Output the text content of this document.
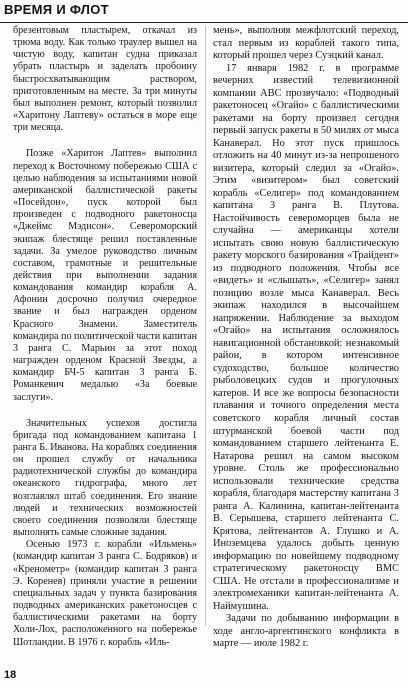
ВРЕМЯ И ФЛОТ

брезентовым пластырем, откачал из трюма воду. Как только траулер вышел на чистую воду, капитан судна приказал убрать пластырь и заделать пробоину быстросхватывающим раствором, приготовленным на месте. За три минуты был выполнен ремонт, который позволил «Харитону Лаптеву» остаться в море еще три месяца.

Позже «Харитон Лаптев» выполнил переход к Восточному побережью США с целью наблюдения за испытаниями новой американской баллистической ракеты «Посейдон», пуск которой был произведен с подводного ракетоносца «Джеймс Мэдисон». Североморский экипаж блестяще решил поставленные задачи. За умелое руководство личным составом, грамотные и решительные действия при выполнении задания командования командир корабля А. Афонин досрочно получил очередное звание и был награжден орденом Красного Знамени. Заместитель командира по политической части капитан 3 ранга С. Марьин за этот поход награжден орденом Красной Звезды, а командир БЧ-5 капитан 3 ранга Б. Романкевич медалью «За боевые заслуги».

Значительных успехов достигла бригада под командованием капитана 1 ранга Б. Иванова. На кораблях соединения он прошел службу от начальника радиотехнической службы до командира океанского гидрографа, много лет возглавлял штаб соединения. Его знание людей и технических возможностей своего соединения позволяли блестяще выполнять самые сложные задания.

Осенью 1973 г. корабли «Ильмень» (командир капитан 3 ранга С. Бодряков) и «Кренометр» (командир капитан 3 ранга Э. Коренев) приняли участие в решении специальных задач у пункта базирования подводных американских ракетоносцев с баллистическими ракетами на борту Холи-Лох, расположенного на побережье Шотландии. В 1976 г. корабль «Иль-

мень», выполняя межфлотский переход, стал первым из кораблей такого типа, который прошел через Суэцкий канал.

17 января 1982 г. в программе вечерних известий телевизионной компании ABC прозвучало: «Подводный ракетоносец «Огайо» с баллистическими ракетами на борту произвел сегодня первый запуск ракеты в 50 милях от мыса Канаверал. Но этот пуск пришлось отложить на 40 минут из-за непрошеного визитера, который следил за «Огайо». Этим «визитером» был советский корабль «Селигер» под командованием капитана 3 ранга В. Плутова. Настойчивость североморцев была не случайна — американцы хотели испытать свою новую баллистическую ракету морского базирования «Трайдент» из подводного положения. Чтобы все «видеть» и «слышать», «Селигер» занял позицию возле мыса Канаверал. Весь экипаж находился в высочайшем напряжении. Наблюдение за выходом «Огайо» на испытания осложнялось навигационной обстановкой: незнакомый район, в котором интенсивное судоходство, большое количество рыболовецких судов и прогулочных катеров. И все же вопросы безопасности плавания и точного определения места советского корабля личный состав штурманской боевой части под командованием старшего лейтенанта Е. Натарова решил на самом высоком уровне. Столь же профессионально использовали технические средства корабля, благодаря мастерству капитана 3 ранга А. Калинина, капитан-лейтенанта В. Серышева, старшего лейтенанта С. Крятова, лейтенантов А. Глушко и А. Иноземцева удалось добыть ценную информацию по новейшему подводному стратегическому ракетоносцу ВМС США. Не отстали в профессионализме и электромеханики капитан-лейтенанта А. Наймушина.

Задачи по добыванию информации в ходе англо-аргентинского конфликта в марте — июле 1982 г.

18
